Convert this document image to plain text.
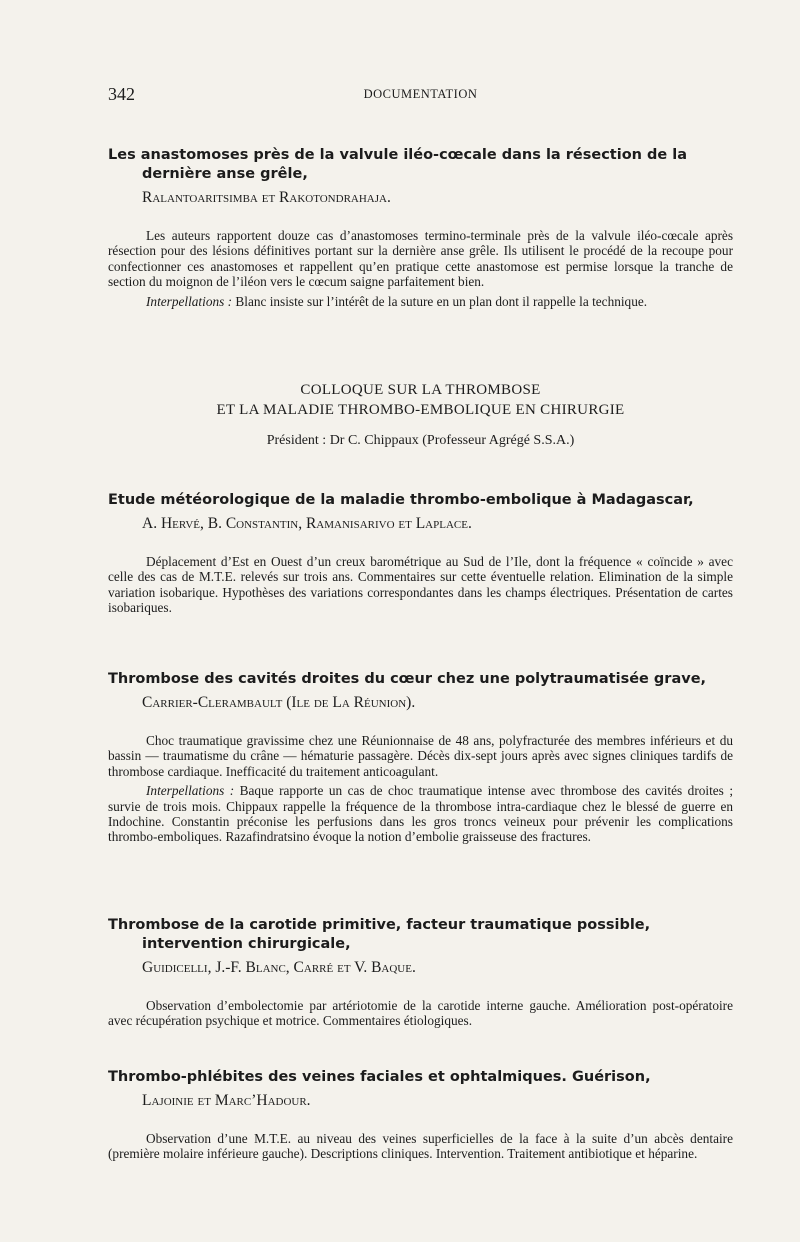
342	DOCUMENTATION

Les anastomoses près de la valvule iléo-cœcale dans la résection de la dernière anse grêle,

Ralantoaritsimba et Rakotondrahaja.

Les auteurs rapportent douze cas d’anastomoses termino-terminale près de la valvule iléo-cœcale après résection pour des lésions définitives portant sur la dernière anse grêle. Ils utilisent le procédé de la recoupe pour confectionner ces anastomoses et rappellent qu’en pratique cette anastomose est permise lorsque la tranche de section du moignon de l’iléon vers le cœcum saigne parfaitement bien.

Interpellations : Blanc insiste sur l’intérêt de la suture en un plan dont il rappelle la technique.

COLLOQUE SUR LA THROMBOSE
ET LA MALADIE THROMBO-EMBOLIQUE EN CHIRURGIE
Président : Dr C. Chippaux (Professeur Agrégé S.S.A.)

Etude météorologique de la maladie thrombo-embolique à Madagascar,

A. Hervé, B. Constantin, Ramanisarivo et Laplace.

Déplacement d’Est en Ouest d’un creux barométrique au Sud de l’Ile, dont la fréquence « coïncide » avec celle des cas de M.T.E. relevés sur trois ans. Commentaires sur cette éventuelle relation. Elimination de la simple variation isobarique. Hypothèses des variations correspondantes dans les champs électriques. Présentation de cartes isobariques.

Thrombose des cavités droites du cœur chez une polytraumatisée grave,

Carrier-Clerambault (Ile de La Réunion).

Choc traumatique gravissime chez une Réunionnaise de 48 ans, polyfracturée des membres inférieurs et du bassin — traumatisme du crâne — hématurie passagère. Décès dix-sept jours après avec signes cliniques tardifs de thrombose cardiaque. Inefficacité du traitement anticoagulant.

Interpellations : Baque rapporte un cas de choc traumatique intense avec thrombose des cavités droites ; survie de trois mois. Chippaux rappelle la fréquence de la thrombose intra-cardiaque chez le blessé de guerre en Indochine. Constantin préconise les perfusions dans les gros troncs veineux pour prévenir les complications thrombo-emboliques. Razafindratsino évoque la notion d’embolie graisseuse des fractures.

Thrombose de la carotide primitive, facteur traumatique possible, intervention chirurgicale,

Guidicelli, J.-F. Blanc, Carré et V. Baque.

Observation d’embolectomie par artériotomie de la carotide interne gauche. Amélioration post-opératoire avec récupération psychique et motrice. Commentaires étiologiques.

Thrombo-phlébites des veines faciales et ophtalmiques. Guérison,

Lajoinie et Marc’Hadour.

Observation d’une M.T.E. au niveau des veines superficielles de la face à la suite d’un abcès dentaire (première molaire inférieure gauche). Descriptions cliniques. Intervention. Traitement antibiotique et héparine.
